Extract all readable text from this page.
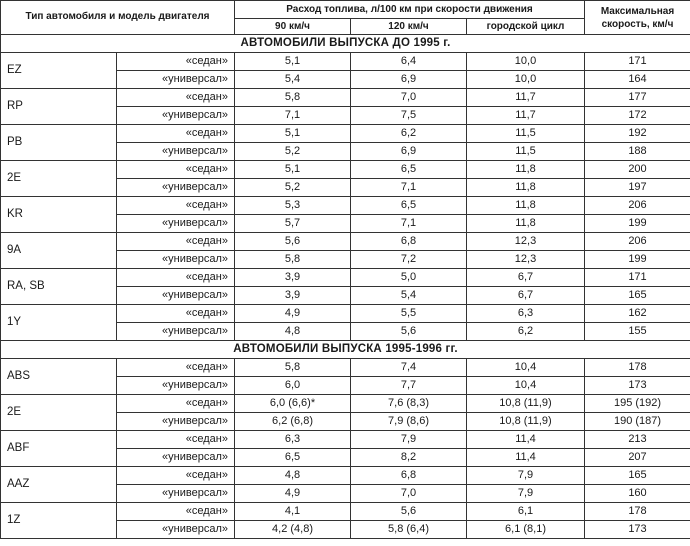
Тип автомобиля и модель двигателя		Расход топлива, л/100 км при скорости движения			Максимальная скорость, км/ч
		90 км/ч	120 км/ч	городской цикл	
АВТОМОБИЛИ ВЫПУСКА ДО 1995 г.					
EZ	«седан»	5,1	6,4	10,0	171
	«универсал»	5,4	6,9	10,0	164
RP	«седан»	5,8	7,0	11,7	177
	«универсал»	7,1	7,5	11,7	172
PB	«седан»	5,1	6,2	11,5	192
	«универсал»	5,2	6,9	11,5	188
2E	«седан»	5,1	6,5	11,8	200
	«универсал»	5,2	7,1	11,8	197
KR	«седан»	5,3	6,5	11,8	206
	«универсал»	5,7	7,1	11,8	199
9A	«седан»	5,6	6,8	12,3	206
	«универсал»	5,8	7,2	12,3	199
RA, SB	«седан»	3,9	5,0	6,7	171
	«универсал»	3,9	5,4	6,7	165
1Y	«седан»	4,9	5,5	6,3	162
	«универсал»	4,8	5,6	6,2	155
АВТОМОБИЛИ ВЫПУСКА 1995-1996 гг.					
ABS	«седан»	5,8	7,4	10,4	178
	«универсал»	6,0	7,7	10,4	173
2E	«седан»	6,0 (6,6)*	7,6 (8,3)	10,8 (11,9)	195 (192)
	«универсал»	6,2 (6,8)	7,9 (8,6)	10,8 (11,9)	190 (187)
ABF	«седан»	6,3	7,9	11,4	213
	«универсал»	6,5	8,2	11,4	207
AAZ	«седан»	4,8	6,8	7,9	165
	«универсал»	4,9	7,0	7,9	160
1Z	«седан»	4,1	5,6	6,1	178
	«универсал»	4,2 (4,8)	5,8 (6,4)	6,1 (8,1)	173
